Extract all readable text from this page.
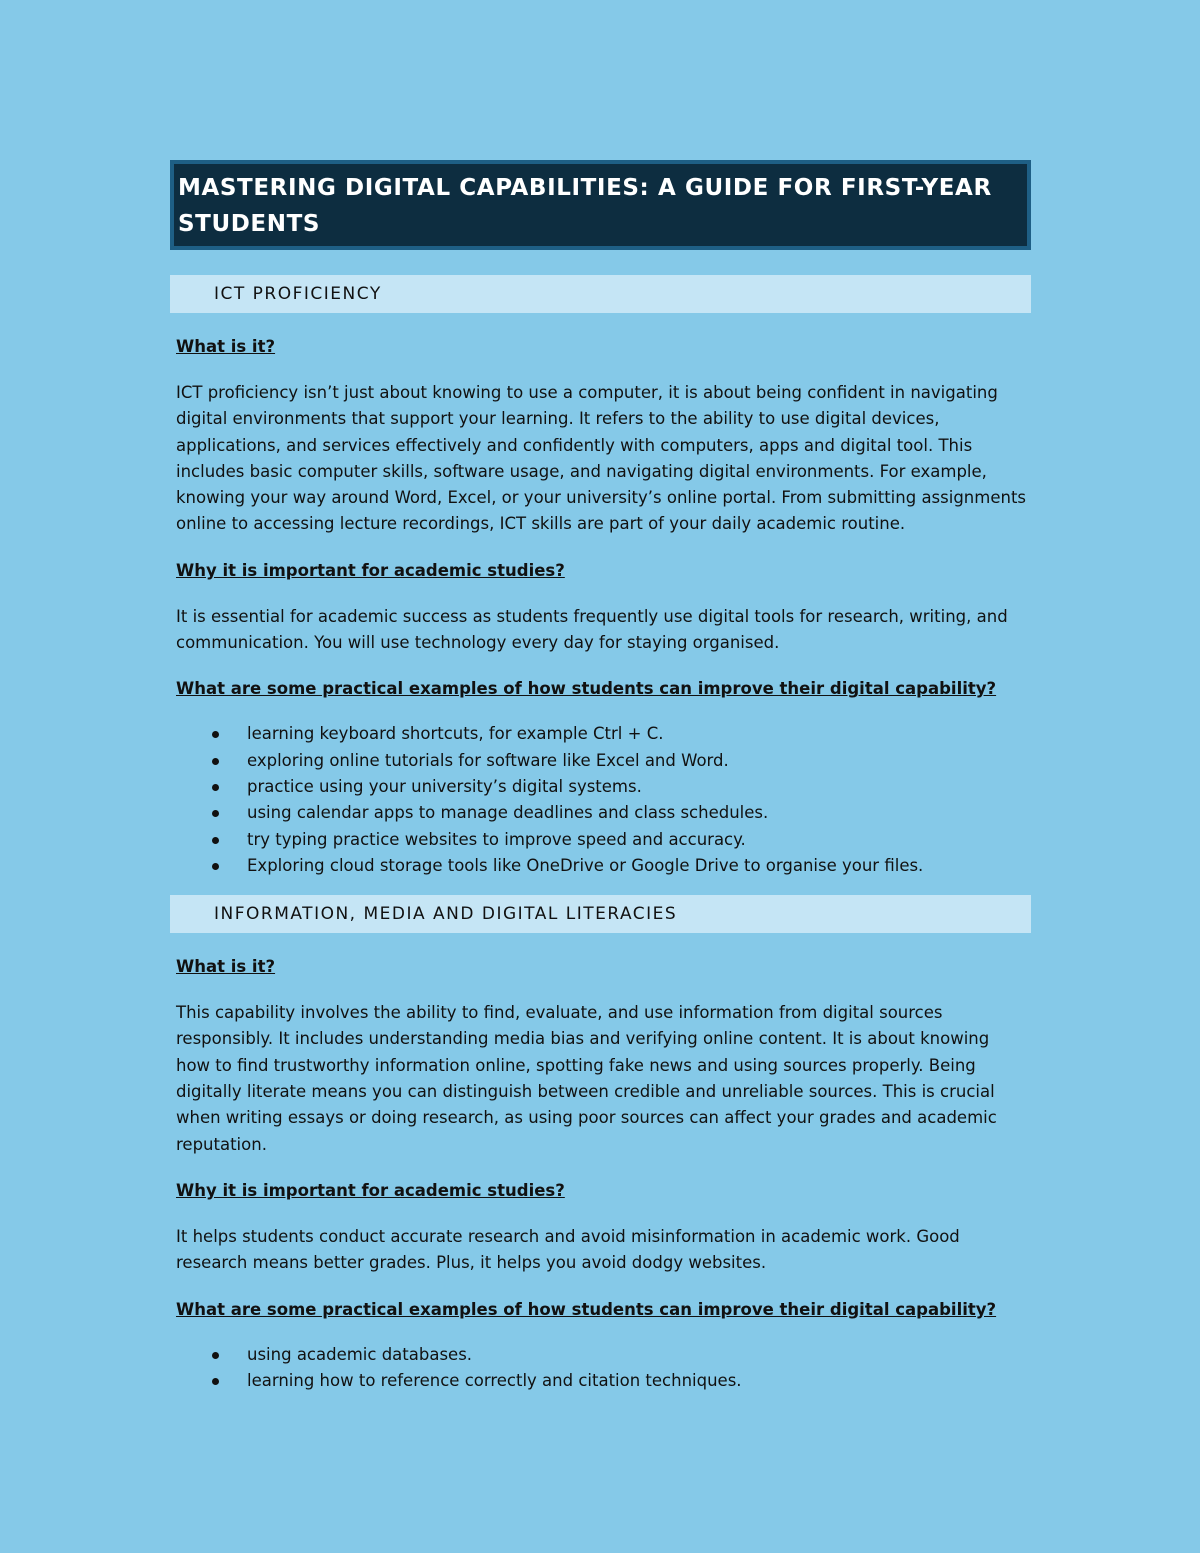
MASTERING DIGITAL CAPABILITIES: A GUIDE FOR FIRST-YEAR STUDENTS
ICT PROFICIENCY
What is it?
ICT proficiency isn’t just about knowing to use a computer, it is about being confident in navigating digital environments that support your learning. It refers to the ability to use digital devices, applications, and services effectively and confidently with computers, apps and digital tool. This includes basic computer skills, software usage, and navigating digital environments. For example, knowing your way around Word, Excel, or your university’s online portal. From submitting assignments online to accessing lecture recordings, ICT skills are part of your daily academic routine.
Why it is important for academic studies?
It is essential for academic success as students frequently use digital tools for research, writing, and communication. You will use technology every day for staying organised.
What are some practical examples of how students can improve their digital capability?
learning keyboard shortcuts, for example Ctrl + C.
exploring online tutorials for software like Excel and Word.
practice using your university’s digital systems.
using calendar apps to manage deadlines and class schedules.
try typing practice websites to improve speed and accuracy.
Exploring cloud storage tools like OneDrive or Google Drive to organise your files.
INFORMATION, MEDIA AND DIGITAL LITERACIES
What is it?
This capability involves the ability to find, evaluate, and use information from digital sources responsibly. It includes understanding media bias and verifying online content. It is about knowing how to find trustworthy information online, spotting fake news and using sources properly. Being digitally literate means you can distinguish between credible and unreliable sources. This is crucial when writing essays or doing research, as using poor sources can affect your grades and academic reputation.
Why it is important for academic studies?
It helps students conduct accurate research and avoid misinformation in academic work. Good research means better grades. Plus, it helps you avoid dodgy websites.
What are some practical examples of how students can improve their digital capability?
using academic databases.
learning how to reference correctly and citation techniques.
